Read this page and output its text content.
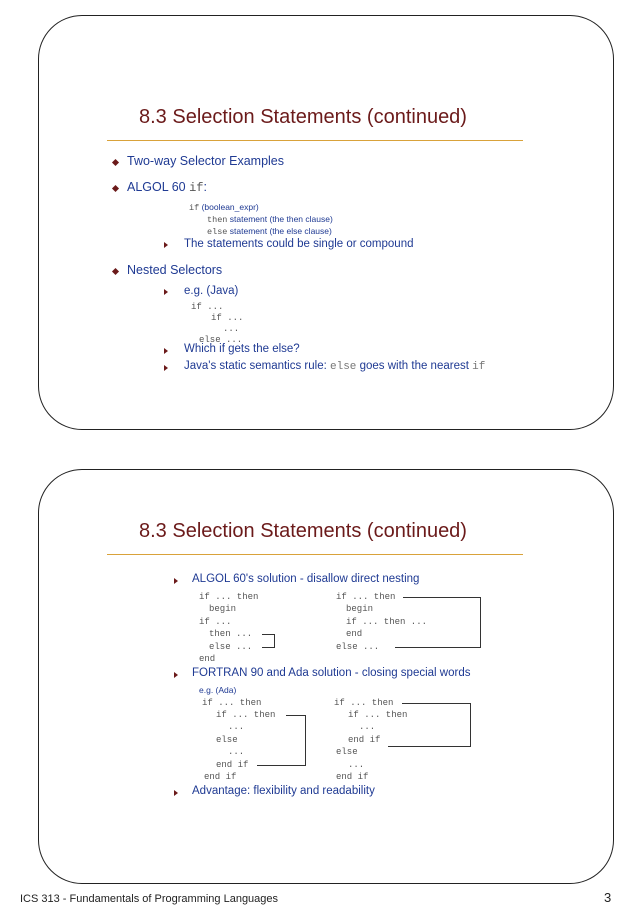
8.3 Selection Statements (continued)
Two-way Selector Examples
ALGOL 60 if:
if (boolean_expr)
then statement (the then clause)
else statement (the else clause)
The statements could be single or compound
Nested Selectors
e.g. (Java)
if ...
if ...
...
else ...
Which if gets the else?
Java's static semantics rule: else goes with the nearest if
8.3 Selection Statements (continued)
ALGOL 60's solution - disallow direct nesting
if ... then
begin
if ...
then ...
else ...
end
if ... then
begin
if ... then ...
end
else ...
FORTRAN 90 and Ada solution - closing special words
e.g. (Ada)
if ... then
if ... then
...
else
...
end if
end if
if ... then
if ... then
...
end if
else
...
end if
Advantage: flexibility and readability
ICS 313 - Fundamentals of Programming Languages	3
